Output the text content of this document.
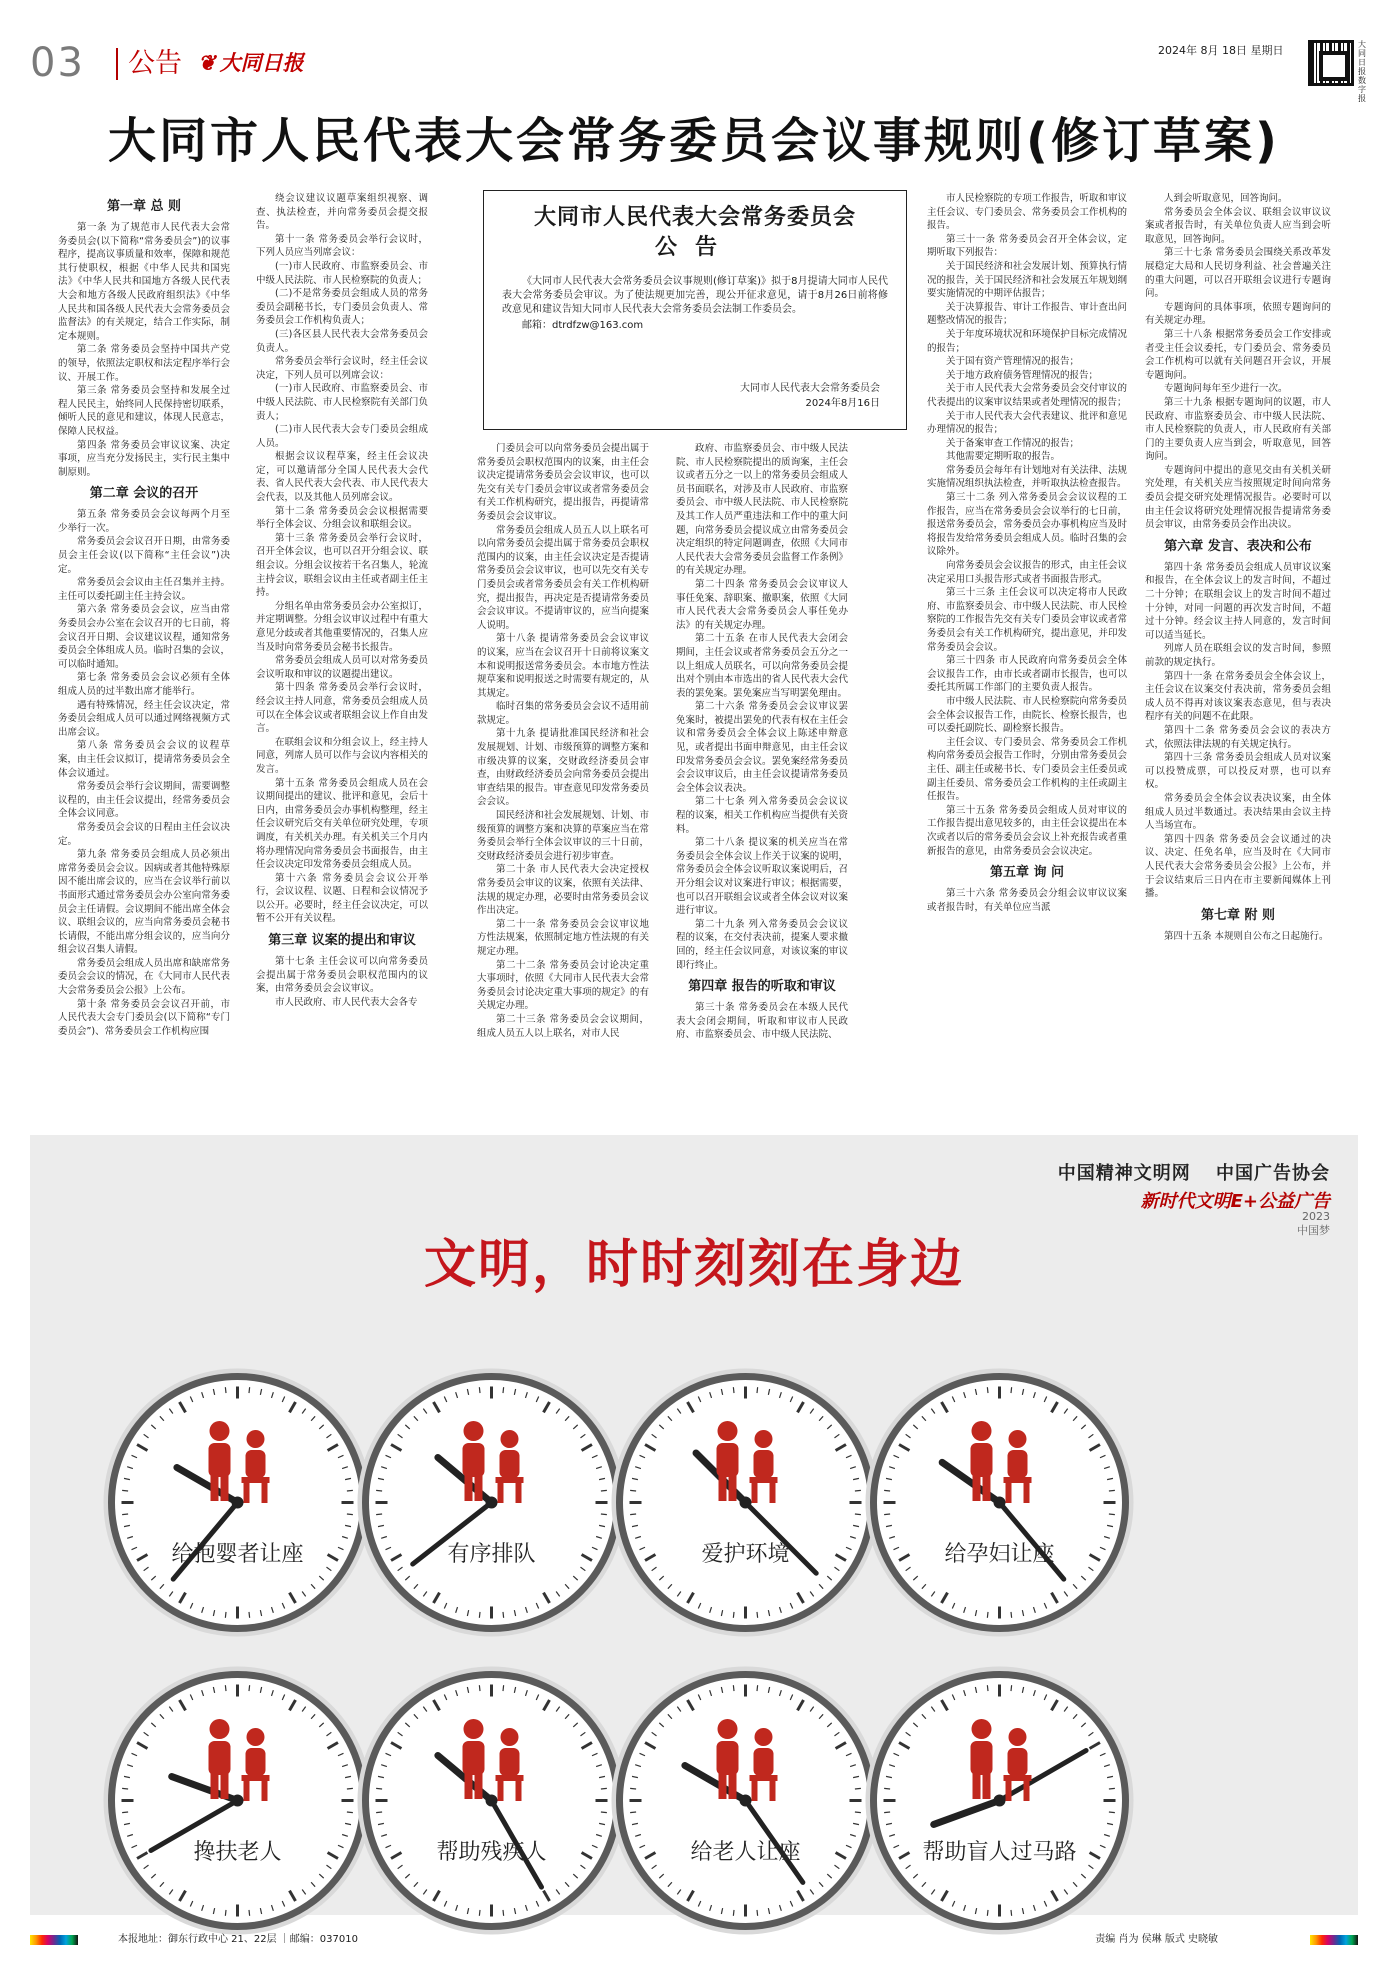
03 公告 ❦ 大同日报	2024年 8月 18日 星期日	大同日报数字报
大同市人民代表大会常务委员会议事规则(修订草案)
大同市人民代表大会常务委员会
公告

《大同市人民代表大会常务委员会议事规则(修订草案)》拟于8月提请大同市人民代表大会常务委员会审议。为了使法规更加完善，现公开征求意见，请于8月26日前将修改意见和建议告知大同市人民代表大会常务委员会法制工作委员会。

邮箱：dtrdfzw@163.com

大同市人民代表大会常务委员会
2024年8月16日
第一章 总 则

第一条 为了规范市人民代表大会常务委员会(以下简称“常务委员会”)的议事程序，提高议事质量和效率，保障和规范其行使职权，根据《中华人民共和国宪法》《中华人民共和国地方各级人民代表大会和地方各级人民政府组织法》《中华人民共和国各级人民代表大会常务委员会监督法》的有关规定，结合工作实际，制定本规则。

第二条 常务委员会坚持中国共产党的领导，依照法定职权和法定程序举行会议、开展工作。

第三条 常务委员会坚持和发展全过程人民民主，始终同人民保持密切联系，倾听人民的意见和建议，体现人民意志，保障人民权益。

第四条 常务委员会审议议案、决定事项，应当充分发扬民主，实行民主集中制原则。

第二章 会议的召开

第五条 常务委员会会议每两个月至少举行一次。

常务委员会会议召开日期，由常务委员会主任会议(以下简称“主任会议”)决定。

常务委员会会议由主任召集并主持。主任可以委托副主任主持会议。

第六条 常务委员会会议，应当由常务委员会办公室在会议召开的七日前，将会议召开日期、会议建议议程，通知常务委员会全体组成人员。临时召集的会议，可以临时通知。

第七条 常务委员会会议必须有全体组成人员的过半数出席才能举行。

遇有特殊情况，经主任会议决定，常务委员会组成人员可以通过网络视频方式出席会议。

第八条 常务委员会会议的议程草案，由主任会议拟订，提请常务委员会全体会议通过。

常务委员会举行会议期间，需要调整议程的，由主任会议提出，经常务委员会全体会议同意。

常务委员会会议的日程由主任会议决定。

第九条 常务委员会组成人员必须出席常务委员会会议。因病或者其他特殊原因不能出席会议的，应当在会议举行前以书面形式通过常务委员会办公室向常务委员会主任请假。会议期间不能出席全体会议、联组会议的，应当向常务委员会秘书长请假，不能出席分组会议的，应当向分组会议召集人请假。

常务委员会组成人员出席和缺席常务委员会会议的情况，在《大同市人民代表大会常务委员会公报》上公布。

第十条 常务委员会会议召开前，市人民代表大会专门委员会(以下简称“专门委员会”)、常务委员会工作机构应围

绕会议建议议题草案组织视察、调查、执法检查，并向常务委员会提交报告。

第十一条 常务委员会举行会议时，下列人员应当列席会议：

(一)市人民政府、市监察委员会、市中级人民法院、市人民检察院的负责人；

(二)不是常务委员会组成人员的常务委员会副秘书长，专门委员会负责人、常务委员会工作机构负责人；

(三)各区县人民代表大会常务委员会负责人。

常务委员会举行会议时，经主任会议决定，下列人员可以列席会议：

(一)市人民政府、市监察委员会、市中级人民法院、市人民检察院有关部门负责人；

(二)市人民代表大会专门委员会组成人员。

根据会议议程草案，经主任会议决定，可以邀请部分全国人民代表大会代表、省人民代表大会代表、市人民代表大会代表，以及其他人员列席会议。

第十二条 常务委员会会议根据需要举行全体会议、分组会议和联组会议。

第十三条 常务委员会举行会议时，召开全体会议，也可以召开分组会议、联组会议。分组会议按若干名召集人，轮流主持会议，联组会议由主任或者副主任主持。

分组名单由常务委员会办公室拟订，并定期调整。分组会议审议过程中有重大意见分歧或者其他重要情况的，召集人应当及时向常务委员会秘书长报告。

常务委员会组成人员可以对常务委员会议听取和审议的议题提出建议。

第十四条 常务委员会举行会议时，经会议主持人同意，常务委员会组成人员可以在全体会议或者联组会议上作自由发言。

在联组会议和分组会议上，经主持人同意，列席人员可以作与会议内容相关的发言。

第十五条 常务委员会组成人员在会议期间提出的建议、批评和意见，会后十日内，由常务委员会办事机构整理，经主任会议研究后交有关单位研究处理，专项调度，有关机关办理。有关机关三个月内将办理情况向常务委员会书面报告，由主任会议决定印发常务委员会组成人员。

第十六条 常务委员会会议公开举行，会议议程、议题、日程和会议情况予以公开。必要时，经主任会议决定，可以暂不公开有关议程。

第三章 议案的提出和审议

第十七条 主任会议可以向常务委员会提出属于常务委员会职权范围内的议案，由常务委员会会议审议。

市人民政府、市人民代表大会各专

门委员会可以向常务委员会提出属于常务委员会职权范围内的议案，由主任会议决定提请常务委员会会议审议，也可以先交有关专门委员会审议或者常务委员会有关工作机构研究，提出报告，再提请常务委员会会议审议。

常务委员会组成人员五人以上联名可以向常务委员会提出属于常务委员会职权范围内的议案，由主任会议决定是否提请常务委员会会议审议，也可以先交有关专门委员会或者常务委员会有关工作机构研究，提出报告，再决定是否提请常务委员会会议审议。不提请审议的，应当向提案人说明。

第十八条 提请常务委员会会议审议的议案，应当在会议召开十日前将议案文本和说明报送常务委员会。本市地方性法规草案和说明报送之时需要有规定的，从其规定。

临时召集的常务委员会会议不适用前款规定。

第十九条 提请批准国民经济和社会发展规划、计划、市级预算的调整方案和市级决算的议案，交财政经济委员会审查，由财政经济委员会向常务委员会提出审查结果的报告。审查意见印发常务委员会会议。

国民经济和社会发展规划、计划、市级预算的调整方案和决算的草案应当在常务委员会举行全体会议审议的三十日前，交财政经济委员会进行初步审查。

第二十条 市人民代表大会决定授权常务委员会审议的议案，依照有关法律、法规的规定办理，必要时由常务委员会议作出决定。

第二十一条 常务委员会会议审议地方性法规案，依照制定地方性法规的有关规定办理。

第二十二条 常务委员会讨论决定重大事项时，依照《大同市人民代表大会常务委员会讨论决定重大事项的规定》的有关规定办理。

第二十三条 常务委员会会议期间，组成人员五人以上联名，对市人民

政府、市监察委员会、市中级人民法院、市人民检察院提出的质询案，主任会议或者五分之一以上的常务委员会组成人员书面联名，对涉及市人民政府、市监察委员会、市中级人民法院、市人民检察院及其工作人员严重违法和工作中的重大问题，向常务委员会提议成立由常务委员会决定组织的特定问题调查，依照《大同市人民代表大会常务委员会监督工作条例》的有关规定办理。

第二十四条 常务委员会会议审议人事任免案、辞职案、撤职案，依照《大同市人民代表大会常务委员会人事任免办法》的有关规定办理。

第二十五条 在市人民代表大会闭会期间，主任会议或者常务委员会五分之一以上组成人员联名，可以向常务委员会提出对个别由本市选出的省人民代表大会代表的罢免案。罢免案应当写明罢免理由。

第二十六条 常务委员会会议审议罢免案时，被提出罢免的代表有权在主任会议和常务委员会全体会议上陈述申辩意见，或者提出书面申辩意见，由主任会议印发常务委员会会议。罢免案经常务委员会会议审议后，由主任会议提请常务委员会全体会议表决。

第二十七条 列入常务委员会会议议程的议案，相关工作机构应当提供有关资料。

第二十八条 提议案的机关应当在常务委员会全体会议上作关于议案的说明，常务委员会全体会议听取议案说明后，召开分组会议对议案进行审议；根据需要，也可以召开联组会议或者全体会议对议案进行审议。

第二十九条 列入常务委员会会议议程的议案，在交付表决前，提案人要求撤回的，经主任会议同意，对该议案的审议即行终止。

第四章 报告的听取和审议

第三十条 常务委员会在本级人民代表大会闭会期间，听取和审议市人民政府、市监察委员会、市中级人民法院、

市人民检察院的专项工作报告，听取和审议主任会议、专门委员会、常务委员会工作机构的报告。

第三十一条 常务委员会召开全体会议，定期听取下列报告：

关于国民经济和社会发展计划、预算执行情况的报告，关于国民经济和社会发展五年规划纲要实施情况的中期评估报告；

关于决算报告、审计工作报告、审计查出问题整改情况的报告；

关于年度环境状况和环境保护目标完成情况的报告；

关于国有资产管理情况的报告；

关于地方政府债务管理情况的报告；

关于市人民代表大会常务委员会交付审议的代表提出的议案审议结果或者处理情况的报告；

关于市人民代表大会代表建议、批评和意见办理情况的报告；

关于备案审查工作情况的报告；

其他需要定期听取的报告。

常务委员会每年有计划地对有关法律、法规实施情况组织执法检查，并听取执法检查报告。

第三十二条 列入常务委员会会议议程的工作报告，应当在常务委员会会议举行的七日前，报送常务委员会，常务委员会办事机构应当及时将报告发给常务委员会组成人员。临时召集的会议除外。

向常务委员会会议报告的形式，由主任会议决定采用口头报告形式或者书面报告形式。

第三十三条 主任会议可以决定将市人民政府、市监察委员会、市中级人民法院、市人民检察院的工作报告先交有关专门委员会审议或者常务委员会有关工作机构研究，提出意见，并印发常务委员会会议。

第三十四条 市人民政府向常务委员会全体会议报告工作，由市长或者副市长报告，也可以委托其所属工作部门的主要负责人报告。

市中级人民法院、市人民检察院向常务委员会全体会议报告工作，由院长、检察长报告，也可以委托副院长、副检察长报告。

主任会议、专门委员会、常务委员会工作机构向常务委员会报告工作时，分别由常务委员会主任、副主任或秘书长、专门委员会主任委员或副主任委员、常务委员会工作机构的主任或副主任报告。

第三十五条 常务委员会组成人员对审议的工作报告提出意见较多的，由主任会议提出在本次或者以后的常务委员会会议上补充报告或者重新报告的意见，由常务委员会会议决定。

第五章 询 问

第三十六条 常务委员会分组会议审议议案或者报告时，有关单位应当派

人到会听取意见，回答询问。

常务委员会全体会议、联组会议审议议案或者报告时，有关单位负责人应当到会听取意见，回答询问。

第三十七条 常务委员会围绕关系改革发展稳定大局和人民切身利益、社会普遍关注的重大问题，可以召开联组会议进行专题询问。

专题询问的具体事项，依照专题询问的有关规定办理。

第三十八条 根据常务委员会工作安排或者受主任会议委托，专门委员会、常务委员会工作机构可以就有关问题召开会议，开展专题询问。

专题询问每年至少进行一次。

第三十九条 根据专题询问的议题，市人民政府、市监察委员会、市中级人民法院、市人民检察院的负责人，市人民政府有关部门的主要负责人应当到会，听取意见，回答询问。

专题询问中提出的意见交由有关机关研究处理，有关机关应当按照规定时间向常务委员会提交研究处理情况报告。必要时可以由主任会议将研究处理情况报告提请常务委员会审议，由常务委员会作出决议。

第六章 发言、表决和公布

第四十条 常务委员会组成人员审议议案和报告，在全体会议上的发言时间，不超过二十分钟；在联组会议上的发言时间不超过十分钟，对同一问题的再次发言时间，不超过十分钟。经会议主持人同意的，发言时间可以适当延长。

列席人员在联组会议的发言时间，参照前款的规定执行。

第四十一条 在常务委员会全体会议上，主任会议在议案交付表决前，常务委员会组成人员不得再对该议案表态意见，但与表决程序有关的问题不在此限。

第四十二条 常务委员会会议的表决方式，依照法律法规的有关规定执行。

第四十三条 常务委员会组成人员对议案可以投赞成票，可以投反对票，也可以弃权。

常务委员会全体会议表决议案，由全体组成人员过半数通过。表决结果由会议主持人当场宣布。

第四十四条 常务委员会会议通过的决议、决定、任免名单，应当及时在《大同市人民代表大会常务委员会公报》上公布，并于会议结束后三日内在市主要新闻媒体上刊播。

第七章 附 则

第四十五条 本规则自公布之日起施行。

中国精神文明网 中国广告协会
新时代文明E+公益广告
2023
中国梦
文明，时时刻刻在身边
给抱婴者让座	有序排队	爱护环境	给孕妇让座
搀扶老人	帮助残疾人	给老人让座	帮助盲人过马路
本报地址：御东行政中心 21、22层 ｜邮编：037010	责编 肖为 侯琳 版式 史晓敏
